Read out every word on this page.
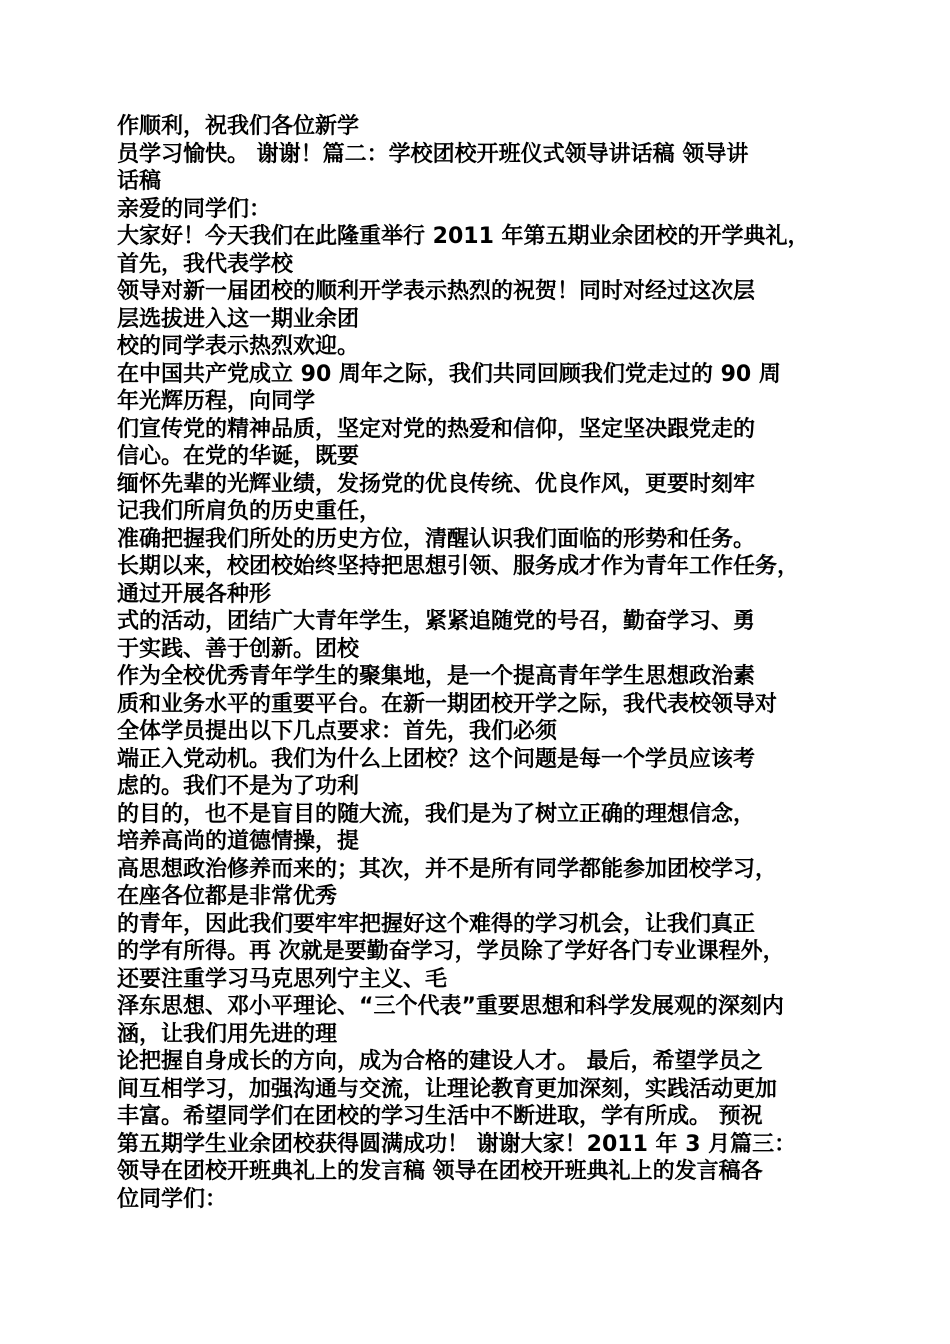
作顺利，祝我们各位新学
员学习愉快。 谢谢！篇二：学校团校开班仪式领导讲话稿 领导讲
话稿
亲爱的同学们：
大家好！今天我们在此隆重举行 2011 年第五期业余团校的开学典礼，
首先，我代表学校
领导对新一届团校的顺利开学表示热烈的祝贺！同时对经过这次层
层选拔进入这一期业余团
校的同学表示热烈欢迎。
在中国共产党成立 90 周年之际，我们共同回顾我们党走过的 90 周
年光辉历程，向同学
们宣传党的精神品质，坚定对党的热爱和信仰，坚定坚决跟党走的
信心。在党的华诞，既要
缅怀先辈的光辉业绩，发扬党的优良传统、优良作风，更要时刻牢
记我们所肩负的历史重任，
准确把握我们所处的历史方位，清醒认识我们面临的形势和任务。
长期以来，校团校始终坚持把思想引领、服务成才作为青年工作任务，
通过开展各种形
式的活动，团结广大青年学生，紧紧追随党的号召，勤奋学习、勇
于实践、善于创新。团校
作为全校优秀青年学生的聚集地，是一个提高青年学生思想政治素
质和业务水平的重要平台。在新一期团校开学之际，我代表校领导对
全体学员提出以下几点要求：首先，我们必须
端正入党动机。我们为什么上团校？这个问题是每一个学员应该考
虑的。我们不是为了功利
的目的，也不是盲目的随大流，我们是为了树立正确的理想信念，
培养高尚的道德情操，提
高思想政治修养而来的；其次，并不是所有同学都能参加团校学习，
在座各位都是非常优秀
的青年，因此我们要牢牢把握好这个难得的学习机会，让我们真正
的学有所得。再 次就是要勤奋学习，学员除了学好各门专业课程外，
还要注重学习马克思列宁主义、毛
泽东思想、邓小平理论、“三个代表”重要思想和科学发展观的深刻内
涵，让我们用先进的理
论把握自身成长的方向，成为合格的建设人才。 最后，希望学员之
间互相学习，加强沟通与交流，让理论教育更加深刻，实践活动更加
丰富。希望同学们在团校的学习生活中不断进取，学有所成。 预祝
第五期学生业余团校获得圆满成功！ 谢谢大家！2011 年 3 月篇三：
领导在团校开班典礼上的发言稿 领导在团校开班典礼上的发言稿各
位同学们：
